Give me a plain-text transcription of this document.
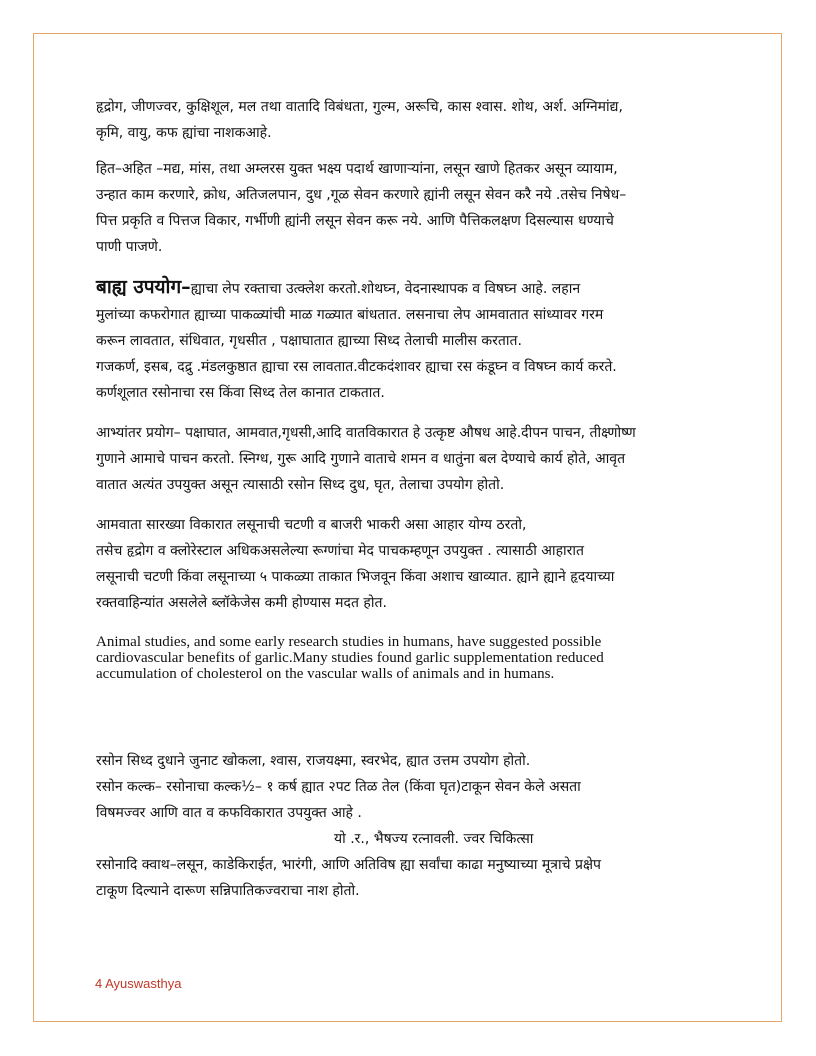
हृद्रोग, जीणज्वर, कुक्षिशूल, मल तथा वातादि विबंधता, गुल्म, अरूचि, कास श्वास. शोथ, अर्श. अग्निमांद्य,
कृमि, वायु, कफ ह्यांचा नाशकआहे.

हित–अहित –मद्य, मांस, तथा अम्लरस युक्त भक्ष्य पदार्थ खाणाऱ्यांना, लसून खाणे हितकर असून व्यायाम,
उन्हात काम करणारे, क्रोध, अतिजलपान, दुध ,गूळ सेवन करणारे ह्यांनी लसून सेवन करै नये .तसेच निषेध–
पित्त प्रकृति व पित्तज विकार, गर्भीणी ह्यांनी लसून सेवन करू नये. आणि पैत्तिकलक्षण दिसल्यास धण्याचे
पाणी पाजणे.

बाह्य उपयोग–ह्याचा लेप रक्ताचा उत्क्लेश करतो.शोथघ्न, वेदनास्थापक व विषघ्न आहे. लहान
मुलांच्या कफरोगात ह्याच्या पाकळ्यांची माळ गळ्यात बांधतात. लसनाचा लेप आमवातात सांध्यावर गरम
करून लावतात, संधिवात, गृधसीत , पक्षाघातात ह्याच्या सिध्द तेलाची मालीस करतात.
गजकर्ण, इसब, दद्रु .मंडलकुष्ठात ह्याचा रस लावतात.वीटकदंशावर ह्याचा रस कंडूघ्न व विषघ्न कार्य करते.
कर्णशूलात रसोनाचा रस किंवा सिध्द तेल कानात टाकतात.

आभ्यांतर प्रयोग– पक्षाघात, आमवात,गृधसी,आदि वातविकारात हे उत्कृष्ट औषध आहे.दीपन पाचन, तीक्ष्णोष्ण
गुणाने आमाचे पाचन करतो. स्निग्ध, गुरू आदि गुणाने वाताचे शमन व धातुंना बल देण्याचे कार्य होते, आवृत
वातात अत्यंत उपयुक्त असून त्यासाठी रसोन सिध्द दुध, घृत, तेलाचा उपयोग होतो.

आमवाता सारख्या विकारात लसूनाची चटणी व बाजरी भाकरी असा आहार योग्य ठरतो,
तसेच हृद्रोग व क्लोरेस्टाल अधिकअसलेल्या रूग्णांचा मेद पाचकम्हणून उपयुक्त . त्यासाठी आहारात
लसूनाची चटणी किंवा लसूनाच्या ५ पाकळ्या ताकात भिजवून किंवा अशाच खाव्यात. ह्याने ह्याने हृदयाच्या
रक्तवाहिन्यांत असलेले ब्लॉकेजेस कमी होण्यास मदत होत.

Animal studies, and some early research studies in humans, have suggested possible
cardiovascular benefits of garlic.Many studies found garlic supplementation reduced
accumulation of cholesterol on the vascular walls of animals and in humans.

रसोन सिध्द दुधाने जुनाट खोकला, श्वास, राजयक्ष्मा, स्वरभेद, ह्यात उत्तम उपयोग होतो.
रसोन कल्क– रसोनाचा कल्क½– १ कर्ष ह्यात २पट तिळ तेल (किंवा घृत)टाकून सेवन केले असता
विषमज्वर आणि वात व कफविकारात उपयुक्त आहे .

यो .र., भैषज्य रत्नावली. ज्वर चिकित्सा

रसोनादि क्वाथ–लसून, काडेकिराईत, भारंगी, आणि अतिविष ह्या सर्वांचा काढा मनुष्याच्या मूत्राचे प्रक्षेप
टाकूण दिल्याने दारूण सन्निपातिकज्वराचा नाश होतो.

4 Ayuswasthya
